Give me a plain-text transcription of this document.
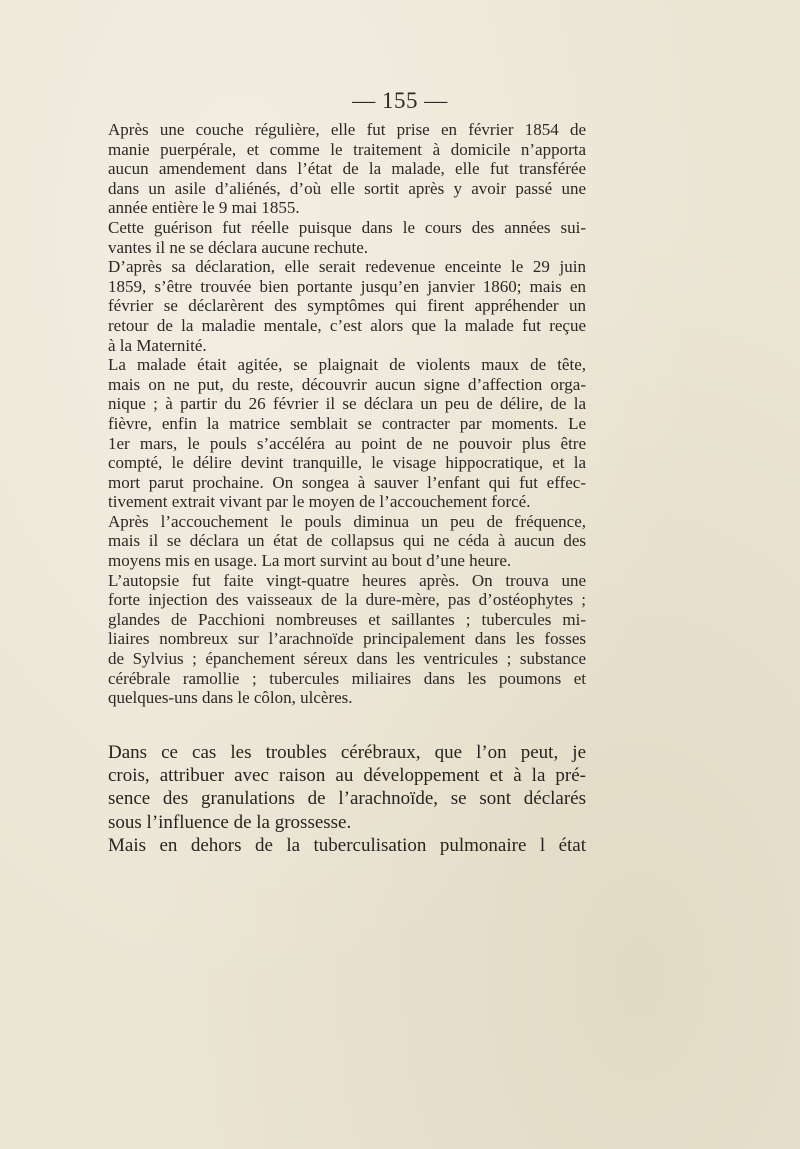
— 155 —
Après une couche régulière, elle fut prise en février 1854 de
manie puerpérale, et comme le traitement à domicile n’apporta
aucun amendement dans l’état de la malade, elle fut transférée
dans un asile d’aliénés, d’où elle sortit après y avoir passé une
année entière le 9 mai 1855.
Cette guérison fut réelle puisque dans le cours des années sui-
vantes il ne se déclara aucune rechute.
D’après sa déclaration, elle serait redevenue enceinte le 29 juin
1859, s’être trouvée bien portante jusqu’en janvier 1860; mais en
février se déclarèrent des symptômes qui firent appréhender un
retour de la maladie mentale, c’est alors que la malade fut reçue
à la Maternité.
La malade était agitée, se plaignait de violents maux de tête,
mais on ne put, du reste, découvrir aucun signe d’affection orga-
nique ; à partir du 26 février il se déclara un peu de délire, de la
fièvre, enfin la matrice semblait se contracter par moments. Le
1er mars, le pouls s’accéléra au point de ne pouvoir plus être
compté, le délire devint tranquille, le visage hippocratique, et la
mort parut prochaine. On songea à sauver l’enfant qui fut effec-
tivement extrait vivant par le moyen de l’accouchement forcé.
Après l’accouchement le pouls diminua un peu de fréquence,
mais il se déclara un état de collapsus qui ne céda à aucun des
moyens mis en usage. La mort survint au bout d’une heure.
L’autopsie fut faite vingt-quatre heures après. On trouva une
forte injection des vaisseaux de la dure-mère, pas d’ostéophytes ;
glandes de Pacchioni nombreuses et saillantes ; tubercules mi-
liaires nombreux sur l’arachnoïde principalement dans les fosses
de Sylvius ; épanchement séreux dans les ventricules ; substance
cérébrale ramollie ; tubercules miliaires dans les poumons et
quelques-uns dans le côlon, ulcères.
Dans ce cas les troubles cérébraux, que l’on peut, je
crois, attribuer avec raison au développement et à la pré-
sence des granulations de l’arachnoïde, se sont déclarés
sous l’influence de la grossesse.
Mais en dehors de la tuberculisation pulmonaire l état
